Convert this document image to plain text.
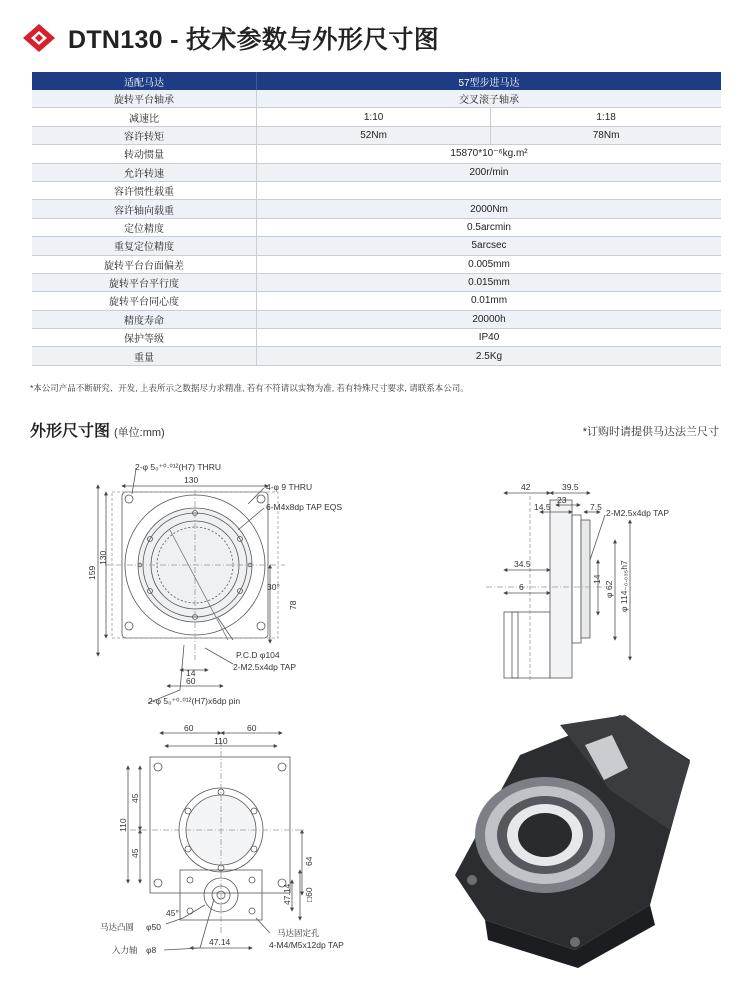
DTN130 - 技术参数与外形尺寸图
适配马达	57型步进马达	
旋转平台轴承	交叉滚子轴承	
减速比	1:10	1:18
容许转矩	52Nm	78Nm
转动惯量	15870*10⁻⁶kg.m²	
允许转速	200r/min	
容许惯性载重		
容许轴向载重	2000Nm	
定位精度	0.5arcmin	
重复定位精度	5arcsec	
旋转平台台面偏差	0.005mm	
旋转平台平行度	0.015mm	
旋转平台同心度	0.01mm	
精度寿命	20000h	
保护等级	IP40	
重量	2.5Kg	
*本公司产品不断研究、开发, 上表所示之数据尽力求精准, 若有不符请以实物为准, 若有特殊尺寸要求, 请联系本公司。
外形尺寸图 (单位:mm)	*订购时请提供马达法兰尺寸
2-φ 5₀⁺⁰·⁰¹²(H7) THRU
130
4-φ 9 THRU
6-M4x8dp TAP EQS
159
130
30°
78
P.C.D φ104
2-M2.5x4dp TAP
14
60
2-φ 5₀⁺⁰·⁰¹²(H7)x6dp pin
42	39.5
23
14.5	7.5
2-M2.5x4dp TAP
34.5
6
14
φ 62 φ 114₋₀.₀₃₅h7
60	60
110
45
45
110
64
47.14 □60
45°
马达凸圆 φ50
入力轴 φ8
47.14
马达固定孔
4-M4/M5x12dp TAP
